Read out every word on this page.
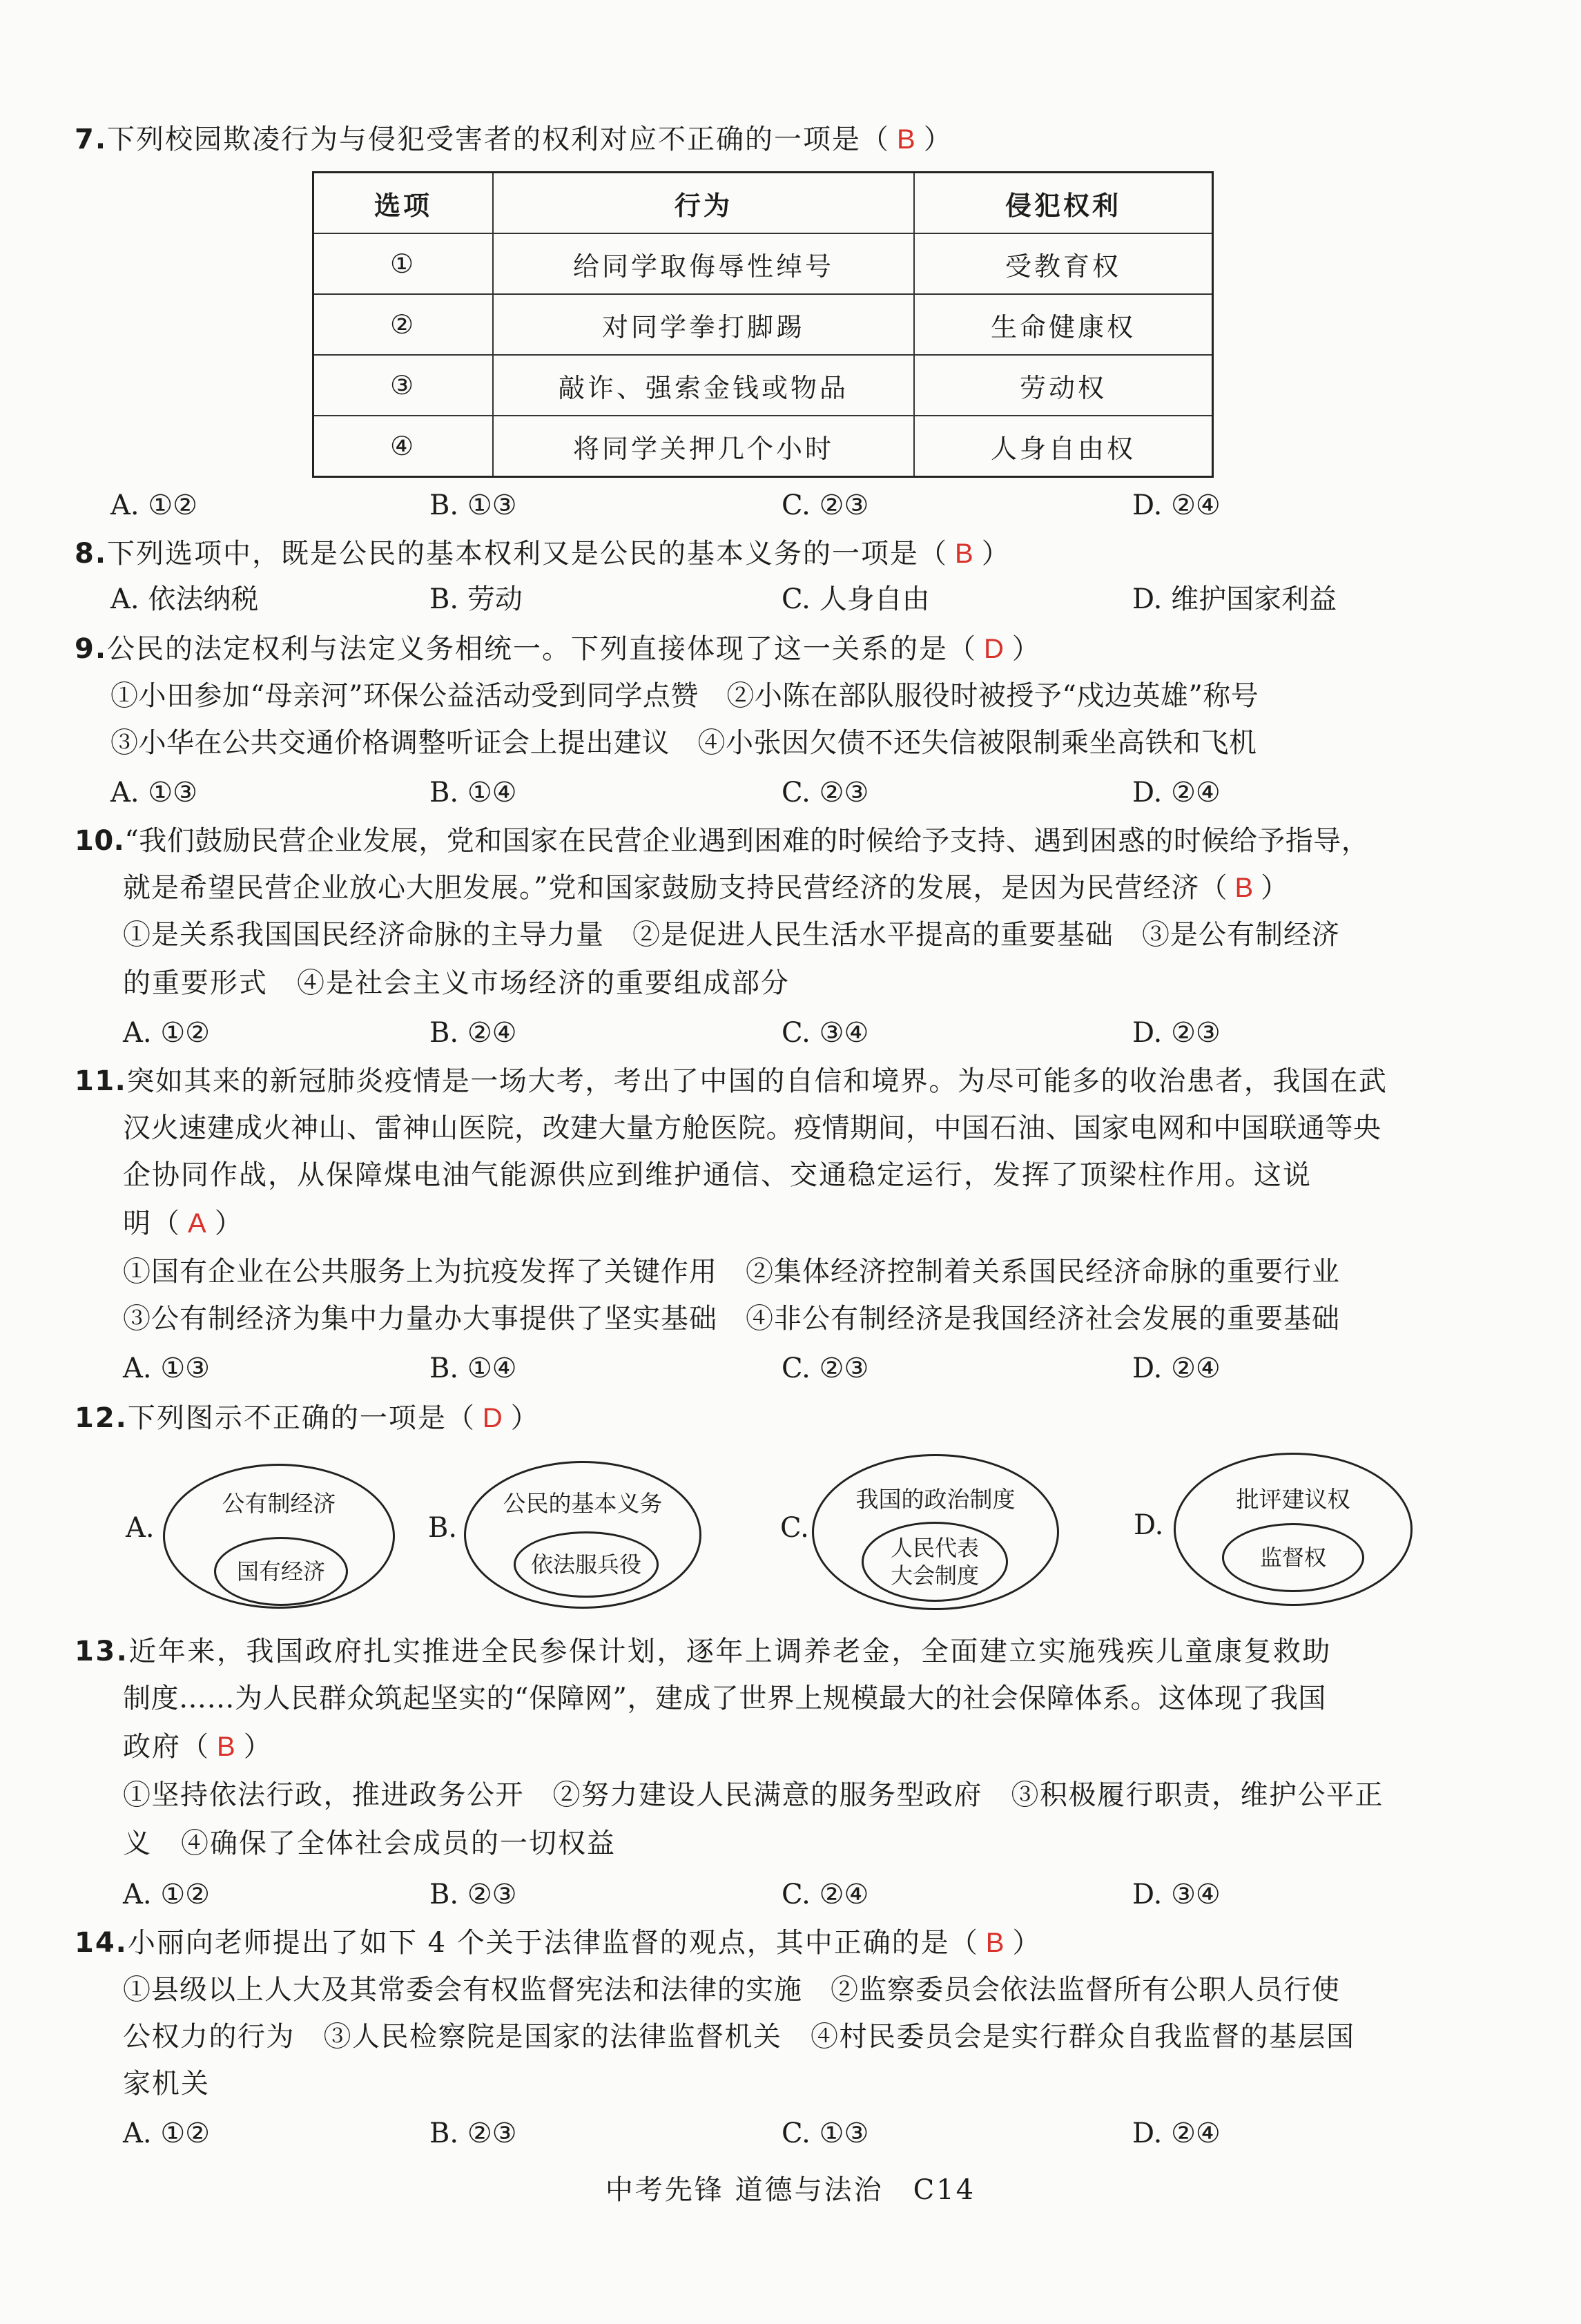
7.下列校园欺凌行为与侵犯受害者的权利对应不正确的一项是（ B ）
选项	行为	侵犯权利
①	给同学取侮辱性绰号	受教育权
②	对同学拳打脚踢	生命健康权
③	敲诈、强索金钱或物品	劳动权
④	将同学关押几个小时	人身自由权
A. ①②	B. ①③	C. ②③	D. ②④
8.下列选项中，既是公民的基本权利又是公民的基本义务的一项是（ B ）
A. 依法纳税	B. 劳动	C. 人身自由	D. 维护国家利益
9.公民的法定权利与法定义务相统一。下列直接体现了这一关系的是（ D ）
①小田参加“母亲河”环保公益活动受到同学点赞　②小陈在部队服役时被授予“戍边英雄”称号
③小华在公共交通价格调整听证会上提出建议　④小张因欠债不还失信被限制乘坐高铁和飞机
A. ①③	B. ①④	C. ②③	D. ②④
10.“我们鼓励民营企业发展，党和国家在民营企业遇到困难的时候给予支持、遇到困惑的时候给予指导，
就是希望民营企业放心大胆发展。”党和国家鼓励支持民营经济的发展，是因为民营经济（ B ）
①是关系我国国民经济命脉的主导力量　②是促进人民生活水平提高的重要基础　③是公有制经济
的重要形式　④是社会主义市场经济的重要组成部分
A. ①②	B. ②④	C. ③④	D. ②③
11.突如其来的新冠肺炎疫情是一场大考，考出了中国的自信和境界。为尽可能多的收治患者，我国在武
汉火速建成火神山、雷神山医院，改建大量方舱医院。疫情期间，中国石油、国家电网和中国联通等央
企协同作战，从保障煤电油气能源供应到维护通信、交通稳定运行，发挥了顶梁柱作用。这说
明（ A ）
①国有企业在公共服务上为抗疫发挥了关键作用　②集体经济控制着关系国民经济命脉的重要行业
③公有制经济为集中力量办大事提供了坚实基础　④非公有制经济是我国经济社会发展的重要基础
A. ①③	B. ①④	C. ②③	D. ②④
12.下列图示不正确的一项是（ D ）
A.
公有制经济
国有经济
B.
公民的基本义务
依法服兵役
C.
我国的政治制度
人民代表
大会制度
D.
批评建议权
监督权
13.近年来，我国政府扎实推进全民参保计划，逐年上调养老金，全面建立实施残疾儿童康复救助
制度……为人民群众筑起坚实的“保障网”，建成了世界上规模最大的社会保障体系。这体现了我国
政府（ B ）
①坚持依法行政，推进政务公开　②努力建设人民满意的服务型政府　③积极履行职责，维护公平正
义　④确保了全体社会成员的一切权益
A. ①②	B. ②③	C. ②④	D. ③④
14.小丽向老师提出了如下 4 个关于法律监督的观点，其中正确的是（ B ）
①县级以上人大及其常委会有权监督宪法和法律的实施　②监察委员会依法监督所有公职人员行使
公权力的行为　③人民检察院是国家的法律监督机关　④村民委员会是实行群众自我监督的基层国
家机关
A. ①②	B. ②③	C. ①③	D. ②④
中考先锋 道德与法治　C14
